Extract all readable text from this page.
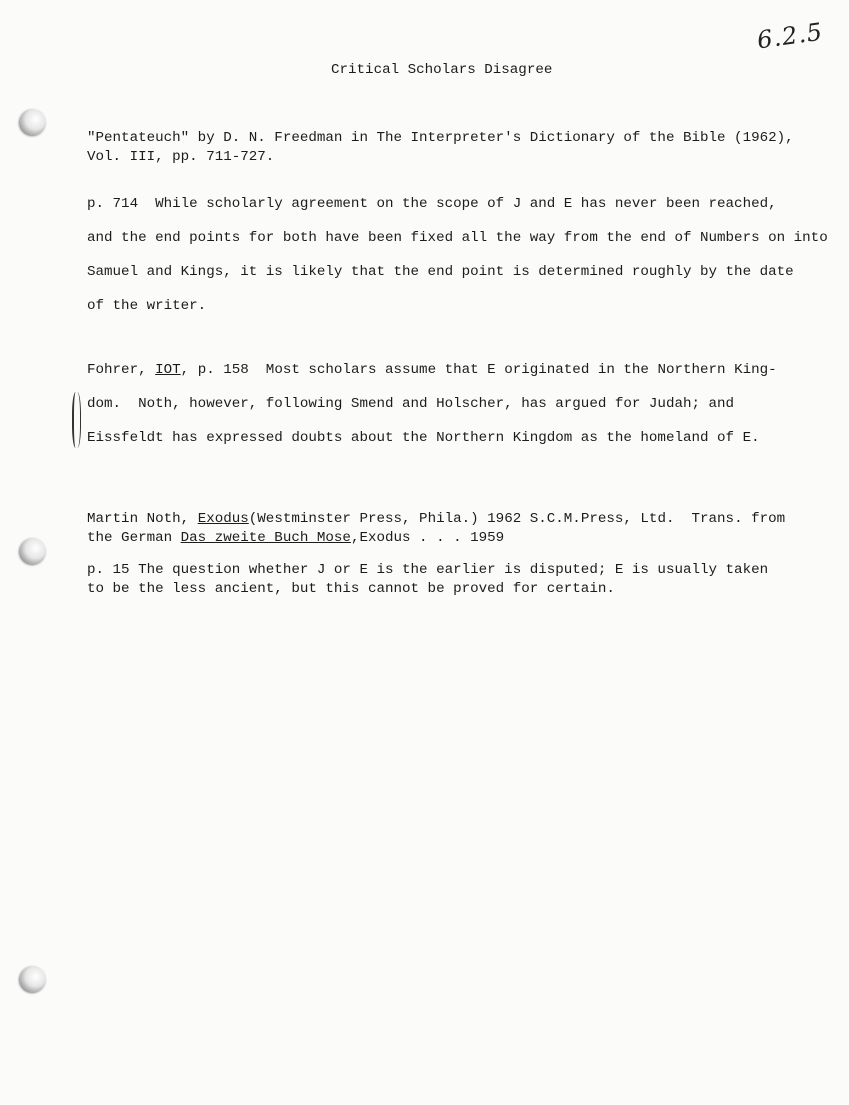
6.2.5
Critical Scholars Disagree
"Pentateuch" by D. N. Freedman in The Interpreter's Dictionary of the Bible (1962),
Vol. III, pp. 711-727.
p. 714  While scholarly agreement on the scope of J and E has never been reached,
and the end points for both have been fixed all the way from the end of Numbers on into
Samuel and Kings, it is likely that the end point is determined roughly by the date
of the writer.
Fohrer, IOT, p. 158  Most scholars assume that E originated in the Northern King-
dom.  Noth, however, following Smend and Holscher, has argued for Judah; and
Eissfeldt has expressed doubts about the Northern Kingdom as the homeland of E.
Martin Noth, Exodus(Westminster Press, Phila.) 1962 S.C.M.Press, Ltd.  Trans. from
the German Das zweite Buch Mose,Exodus . . . 1959
p. 15 The question whether J or E is the earlier is disputed; E is usually taken
to be the less ancient, but this cannot be proved for certain.
